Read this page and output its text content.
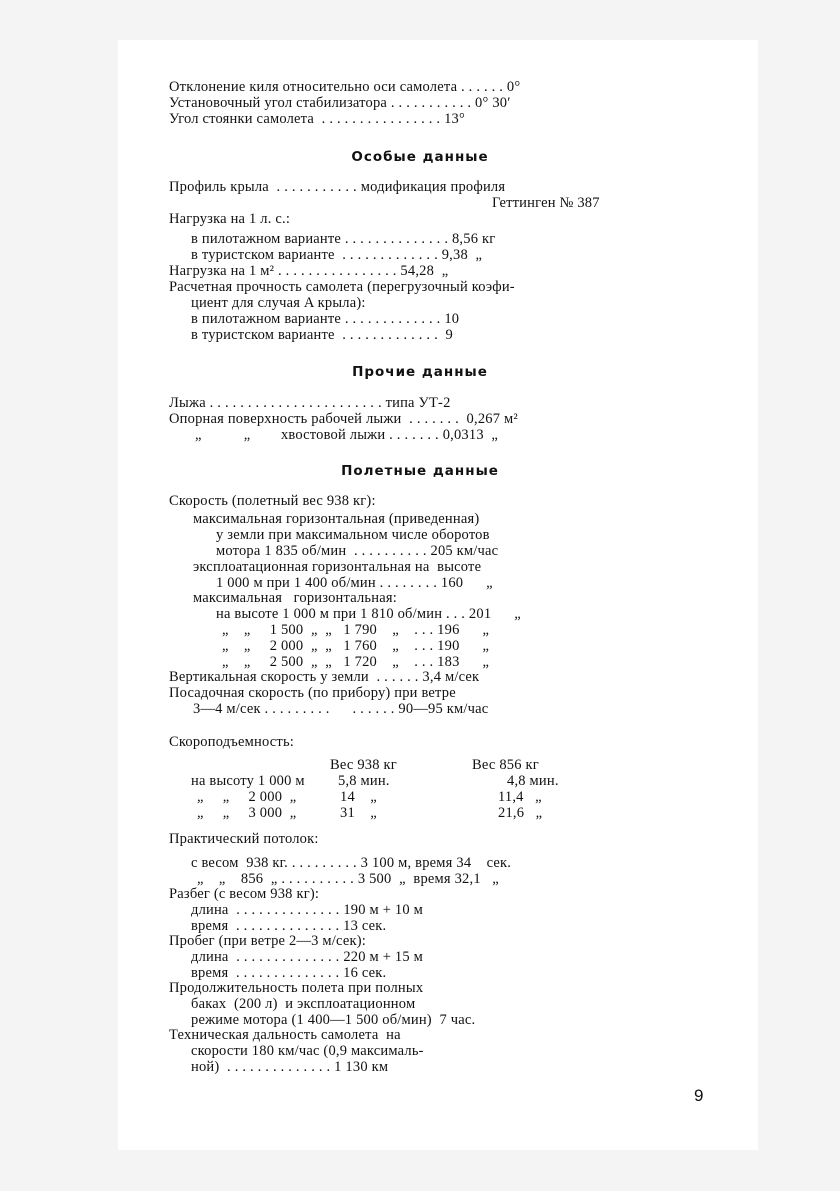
Отклонение киля относительно оси самолета . . . . . . 0°
Установочный угол стабилизатора . . . . . . . . . . . 0° 30′
Угол стоянки самолета  . . . . . . . . . . . . . . . . 13°
Особые данные
Профиль крыла  . . . . . . . . . . . модификация профиля
Геттинген № 387
Нагрузка на 1 л. с.:
в пилотажном варианте . . . . . . . . . . . . . . 8,56 кг
в туристском варианте  . . . . . . . . . . . . . 9,38  „
Нагрузка на 1 м² . . . . . . . . . . . . . . . . 54,28  „
Расчетная прочность самолета (перегрузочный коэфи-
циент для случая A крыла):
в пилотажном варианте . . . . . . . . . . . . . 10
в туристском варианте  . . . . . . . . . . . . .  9
Прочие данные
Лыжа . . . . . . . . . . . . . . . . . . . . . . . типа УТ-2
Опорная поверхность рабочей лыжи  . . . . . . .  0,267 м²
„           „        хвостовой лыжи . . . . . . . 0,0313  „
Полетные данные
Скорость (полетный вес 938 кг):
максимальная горизонтальная (приведенная)
у земли при максимальном числе оборотов
мотора 1 835 об/мин  . . . . . . . . . . 205 км/час
эксплоатационная горизонтальная на  высоте
1 000 м при 1 400 об/мин . . . . . . . . 160      „
максимальная   горизонтальная:
на высоте 1 000 м при 1 810 об/мин . . . 201      „
„    „     1 500  „  „   1 790    „    . . . 196      „
„    „     2 000  „  „   1 760    „    . . . 190      „
„    „     2 500  „  „   1 720    „    . . . 183      „
Вертикальная скорость у земли  . . . . . . 3,4 м/сек
Посадочная скорость (по прибору) при ветре
3—4 м/сек . . . . . . . . .      . . . . . . 90—95 км/час
Скороподъемность:
Вес 938 кг	Вес 856 кг
на высоту 1 000 м 5,8 мин.	4,8 мин.
„     „     2 000  „	14    „	11,4   „
„     „     3 000  „	31    „	21,6   „
Практический потолок:
с весом  938 кг. . . . . . . . . . 3 100 м, время 34    сек.
„    „    856  „ . . . . . . . . . . 3 500  „  время 32,1   „
Разбег (с весом 938 кг):
длина  . . . . . . . . . . . . . . 190 м + 10 м
время  . . . . . . . . . . . . . . 13 сек.
Пробег (при ветре 2—3 м/сек):
длина  . . . . . . . . . . . . . . 220 м + 15 м
время  . . . . . . . . . . . . . . 16 сек.
Продолжительность полета при полных
баках  (200 л)  и эксплоатационном
режиме мотора (1 400—1 500 об/мин)  7 час.
Техническая дальность самолета  на
скорости 180 км/час (0,9 максималь-
ной)  . . . . . . . . . . . . . . 1 130 км
9
